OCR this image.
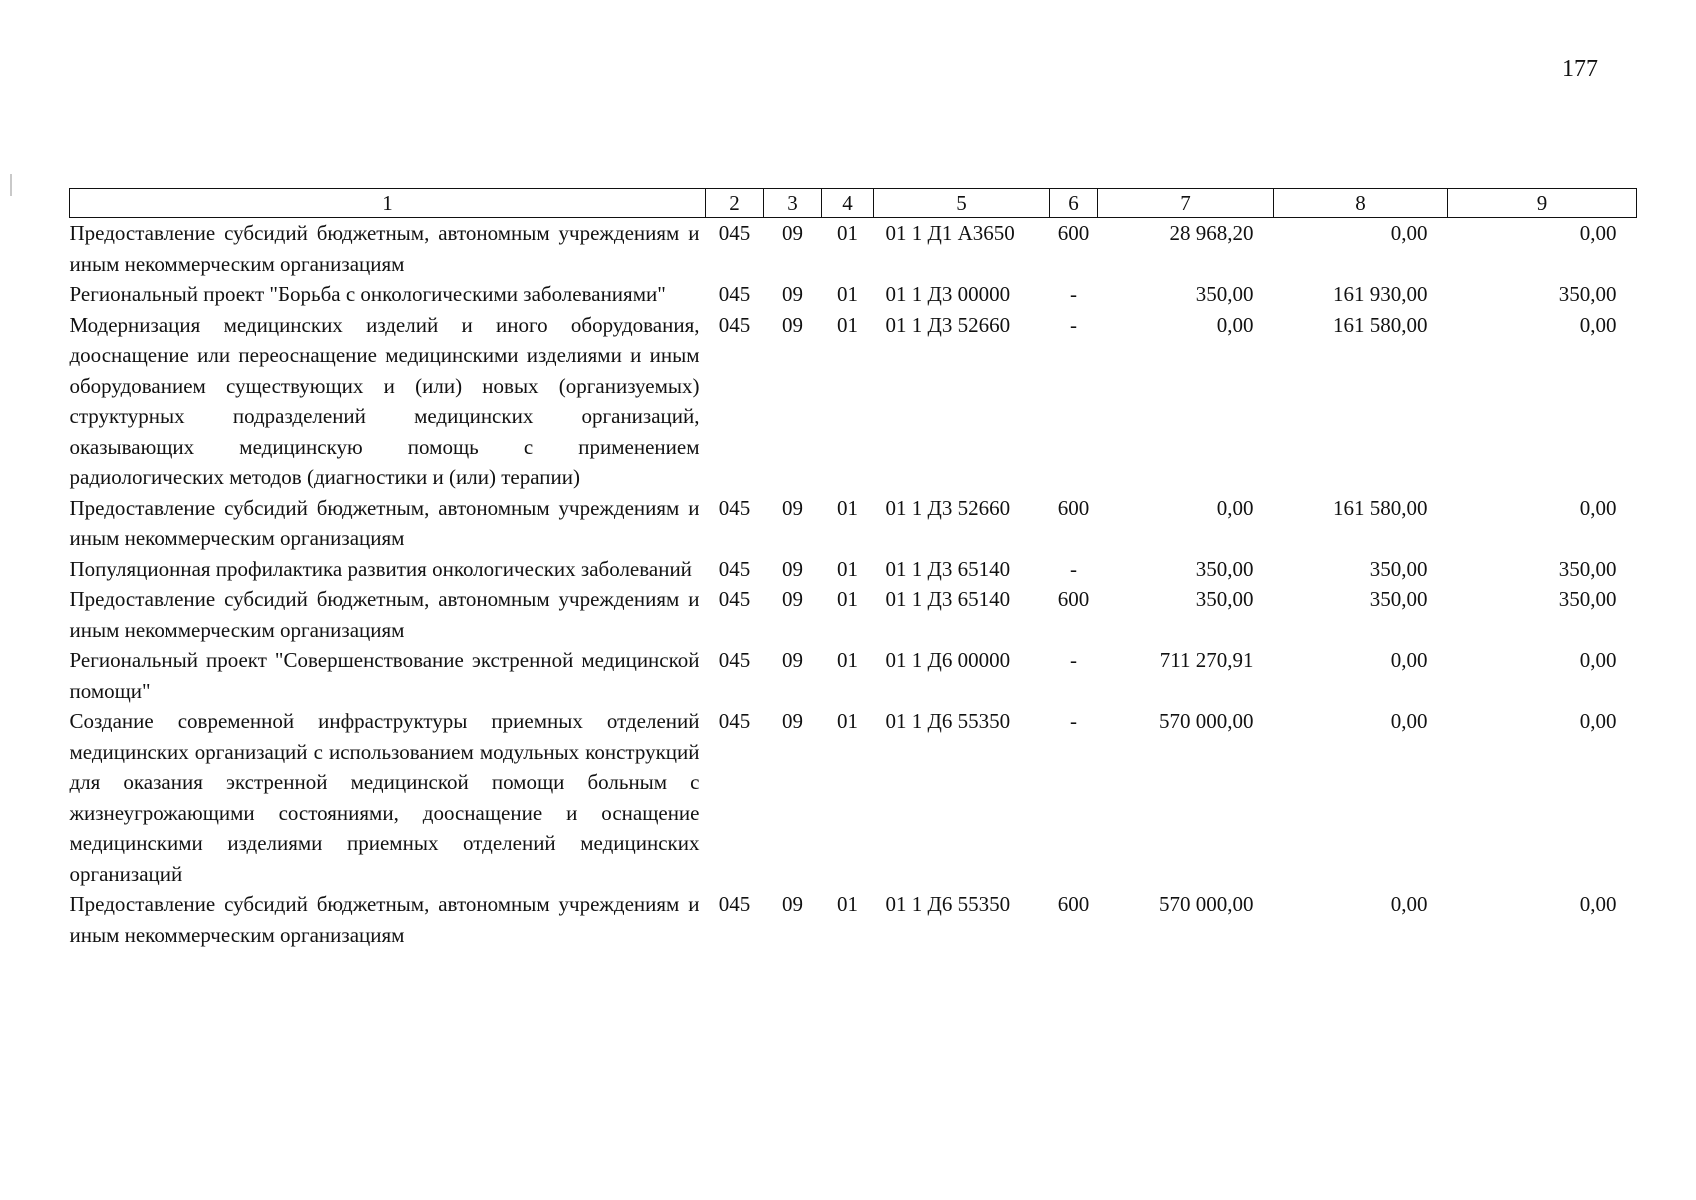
177
1	2	3	4	5	6	7	8	9
Предоставление субсидий бюджетным, автономным учреждениям и иным некоммерческим организациям	045	09	01	01 1 Д1 А3650	600	28 968,20	0,00	0,00
Региональный проект "Борьба с онкологическими заболеваниями"	045	09	01	01 1 Д3 00000	-	350,00	161 930,00	350,00
Модернизация медицинских изделий и иного оборудования, дооснащение или переоснащение медицинскими изделиями и иным оборудованием существующих и (или) новых (организуемых) структурных подразделений медицинских организаций, оказывающих медицинскую помощь с применением радиологических методов (диагностики и (или) терапии)	045	09	01	01 1 Д3 52660	-	0,00	161 580,00	0,00
Предоставление субсидий бюджетным, автономным учреждениям и иным некоммерческим организациям	045	09	01	01 1 Д3 52660	600	0,00	161 580,00	0,00
Популяционная профилактика развития онкологических заболеваний	045	09	01	01 1 Д3 65140	-	350,00	350,00	350,00
Предоставление субсидий бюджетным, автономным учреждениям и иным некоммерческим организациям	045	09	01	01 1 Д3 65140	600	350,00	350,00	350,00
Региональный проект "Совершенствование экстренной медицинской помощи"	045	09	01	01 1 Д6 00000	-	711 270,91	0,00	0,00
Создание современной инфраструктуры приемных отделений медицинских организаций с использованием модульных конструкций для оказания экстренной медицинской помощи больным с жизнеугрожающими состояниями, дооснащение и оснащение медицинскими изделиями приемных отделений медицинских организаций	045	09	01	01 1 Д6 55350	-	570 000,00	0,00	0,00
Предоставление субсидий бюджетным, автономным учреждениям и иным некоммерческим организациям	045	09	01	01 1 Д6 55350	600	570 000,00	0,00	0,00
